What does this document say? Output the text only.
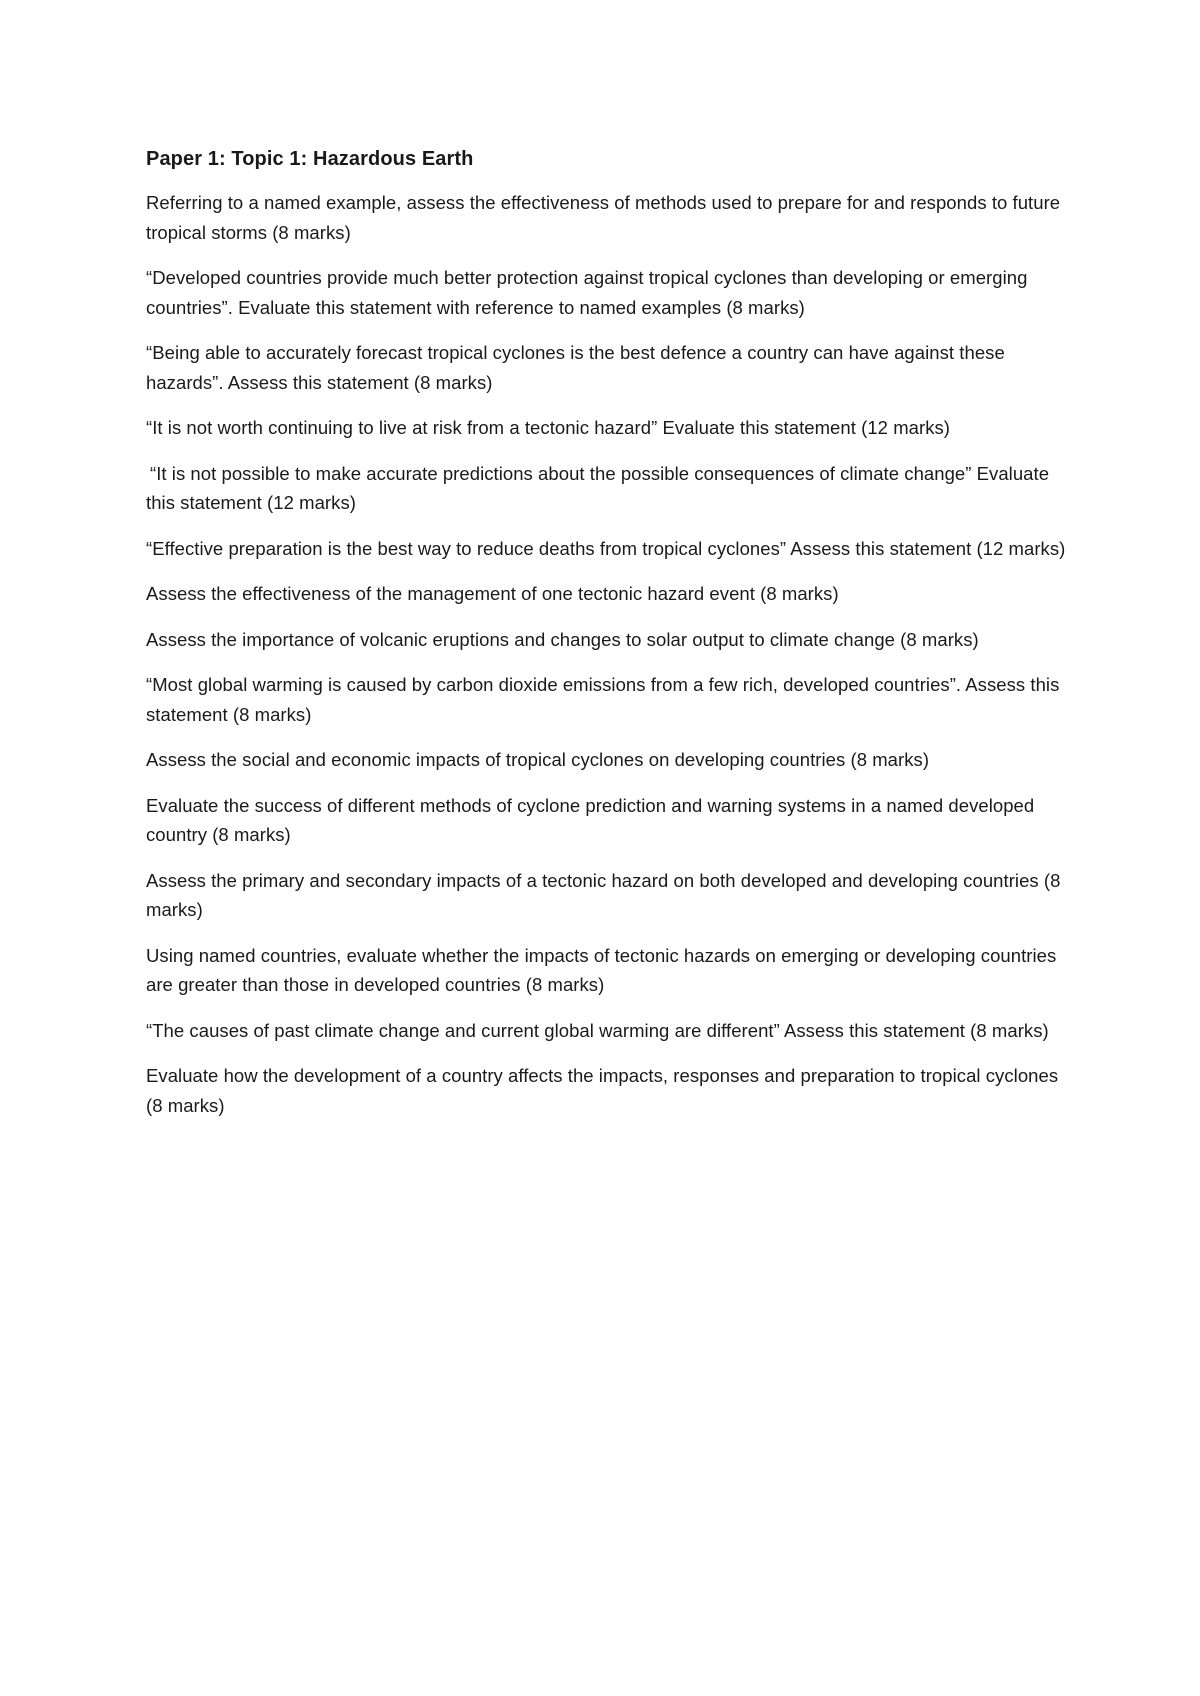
Paper 1: Topic 1: Hazardous Earth
Referring to a named example, assess the effectiveness of methods used to prepare for and responds to future tropical storms (8 marks)
“Developed countries provide much better protection against tropical cyclones than developing or emerging countries”. Evaluate this statement with reference to named examples (8 marks)
“Being able to accurately forecast tropical cyclones is the best defence a country can have against these hazards”. Assess this statement (8 marks)
“It is not worth continuing to live at risk from a tectonic hazard” Evaluate this statement (12 marks)
“It is not possible to make accurate predictions about the possible consequences of climate change” Evaluate this statement (12 marks)
“Effective preparation is the best way to reduce deaths from tropical cyclones” Assess this statement (12 marks)
Assess the effectiveness of the management of one tectonic hazard event (8 marks)
Assess the importance of volcanic eruptions and changes to solar output to climate change (8 marks)
“Most global warming is caused by carbon dioxide emissions from a few rich, developed countries”. Assess this statement (8 marks)
Assess the social and economic impacts of tropical cyclones on developing countries (8 marks)
Evaluate the success of different methods of cyclone prediction and warning systems in a named developed country (8 marks)
Assess the primary and secondary impacts of a tectonic hazard on both developed and developing countries (8 marks)
Using named countries, evaluate whether the impacts of tectonic hazards on emerging or developing countries are greater than those in developed countries (8 marks)
“The causes of past climate change and current global warming are different” Assess this statement (8 marks)
Evaluate how the development of a country affects the impacts, responses and preparation to tropical cyclones (8 marks)
